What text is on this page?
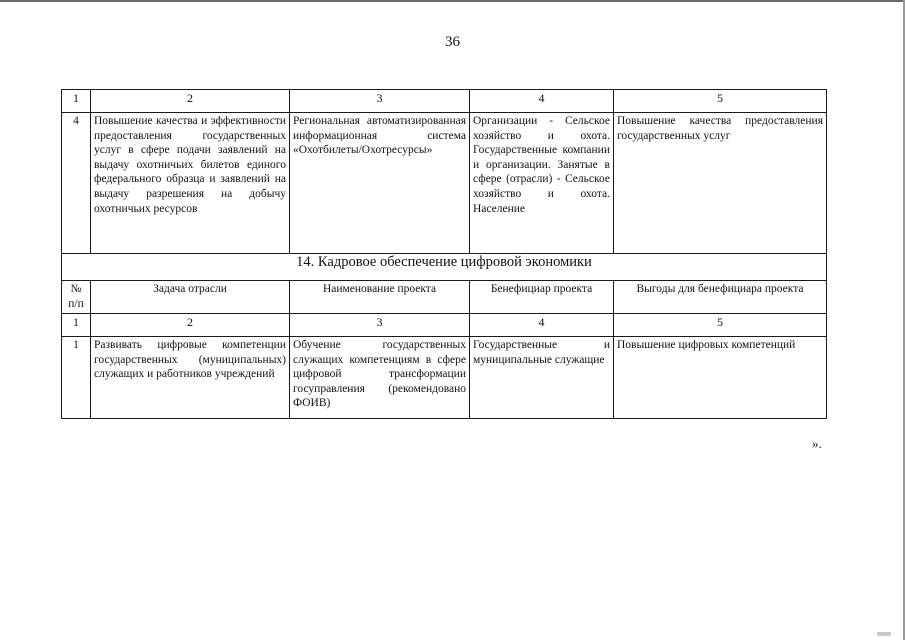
36
1	2	3	4	5
4	Повышение качества и эффективности предоставления государственных услуг в сфере подачи заявлений на выдачу охотничьих билетов единого федерального образца и заявлений на выдачу разрешения на добычу охотничьих ресурсов	Региональная автоматизированная информационная система «Охотбилеты/Охотресурсы»	Организации - Сельское хозяйство и охота. Государственные компании и организации. Занятые в сфере (отрасли) - Сельское хозяйство и охота. Население	Повышение качества предоставления государственных услуг
14. Кадровое обеспечение цифровой экономики				
№ п/п	Задача отрасли	Наименование проекта	Бенефициар проекта	Выгоды для бенефициара проекта
1	2	3	4	5
1	Развивать цифровые компетенции государственных (муниципальных) служащих и работников учреждений	Обучение государственных служащих компетенциям в сфере цифровой трансформации госуправления (рекомендовано ФОИВ)	Государственные и муниципальные служащие	Повышение цифровых компетенций
».
